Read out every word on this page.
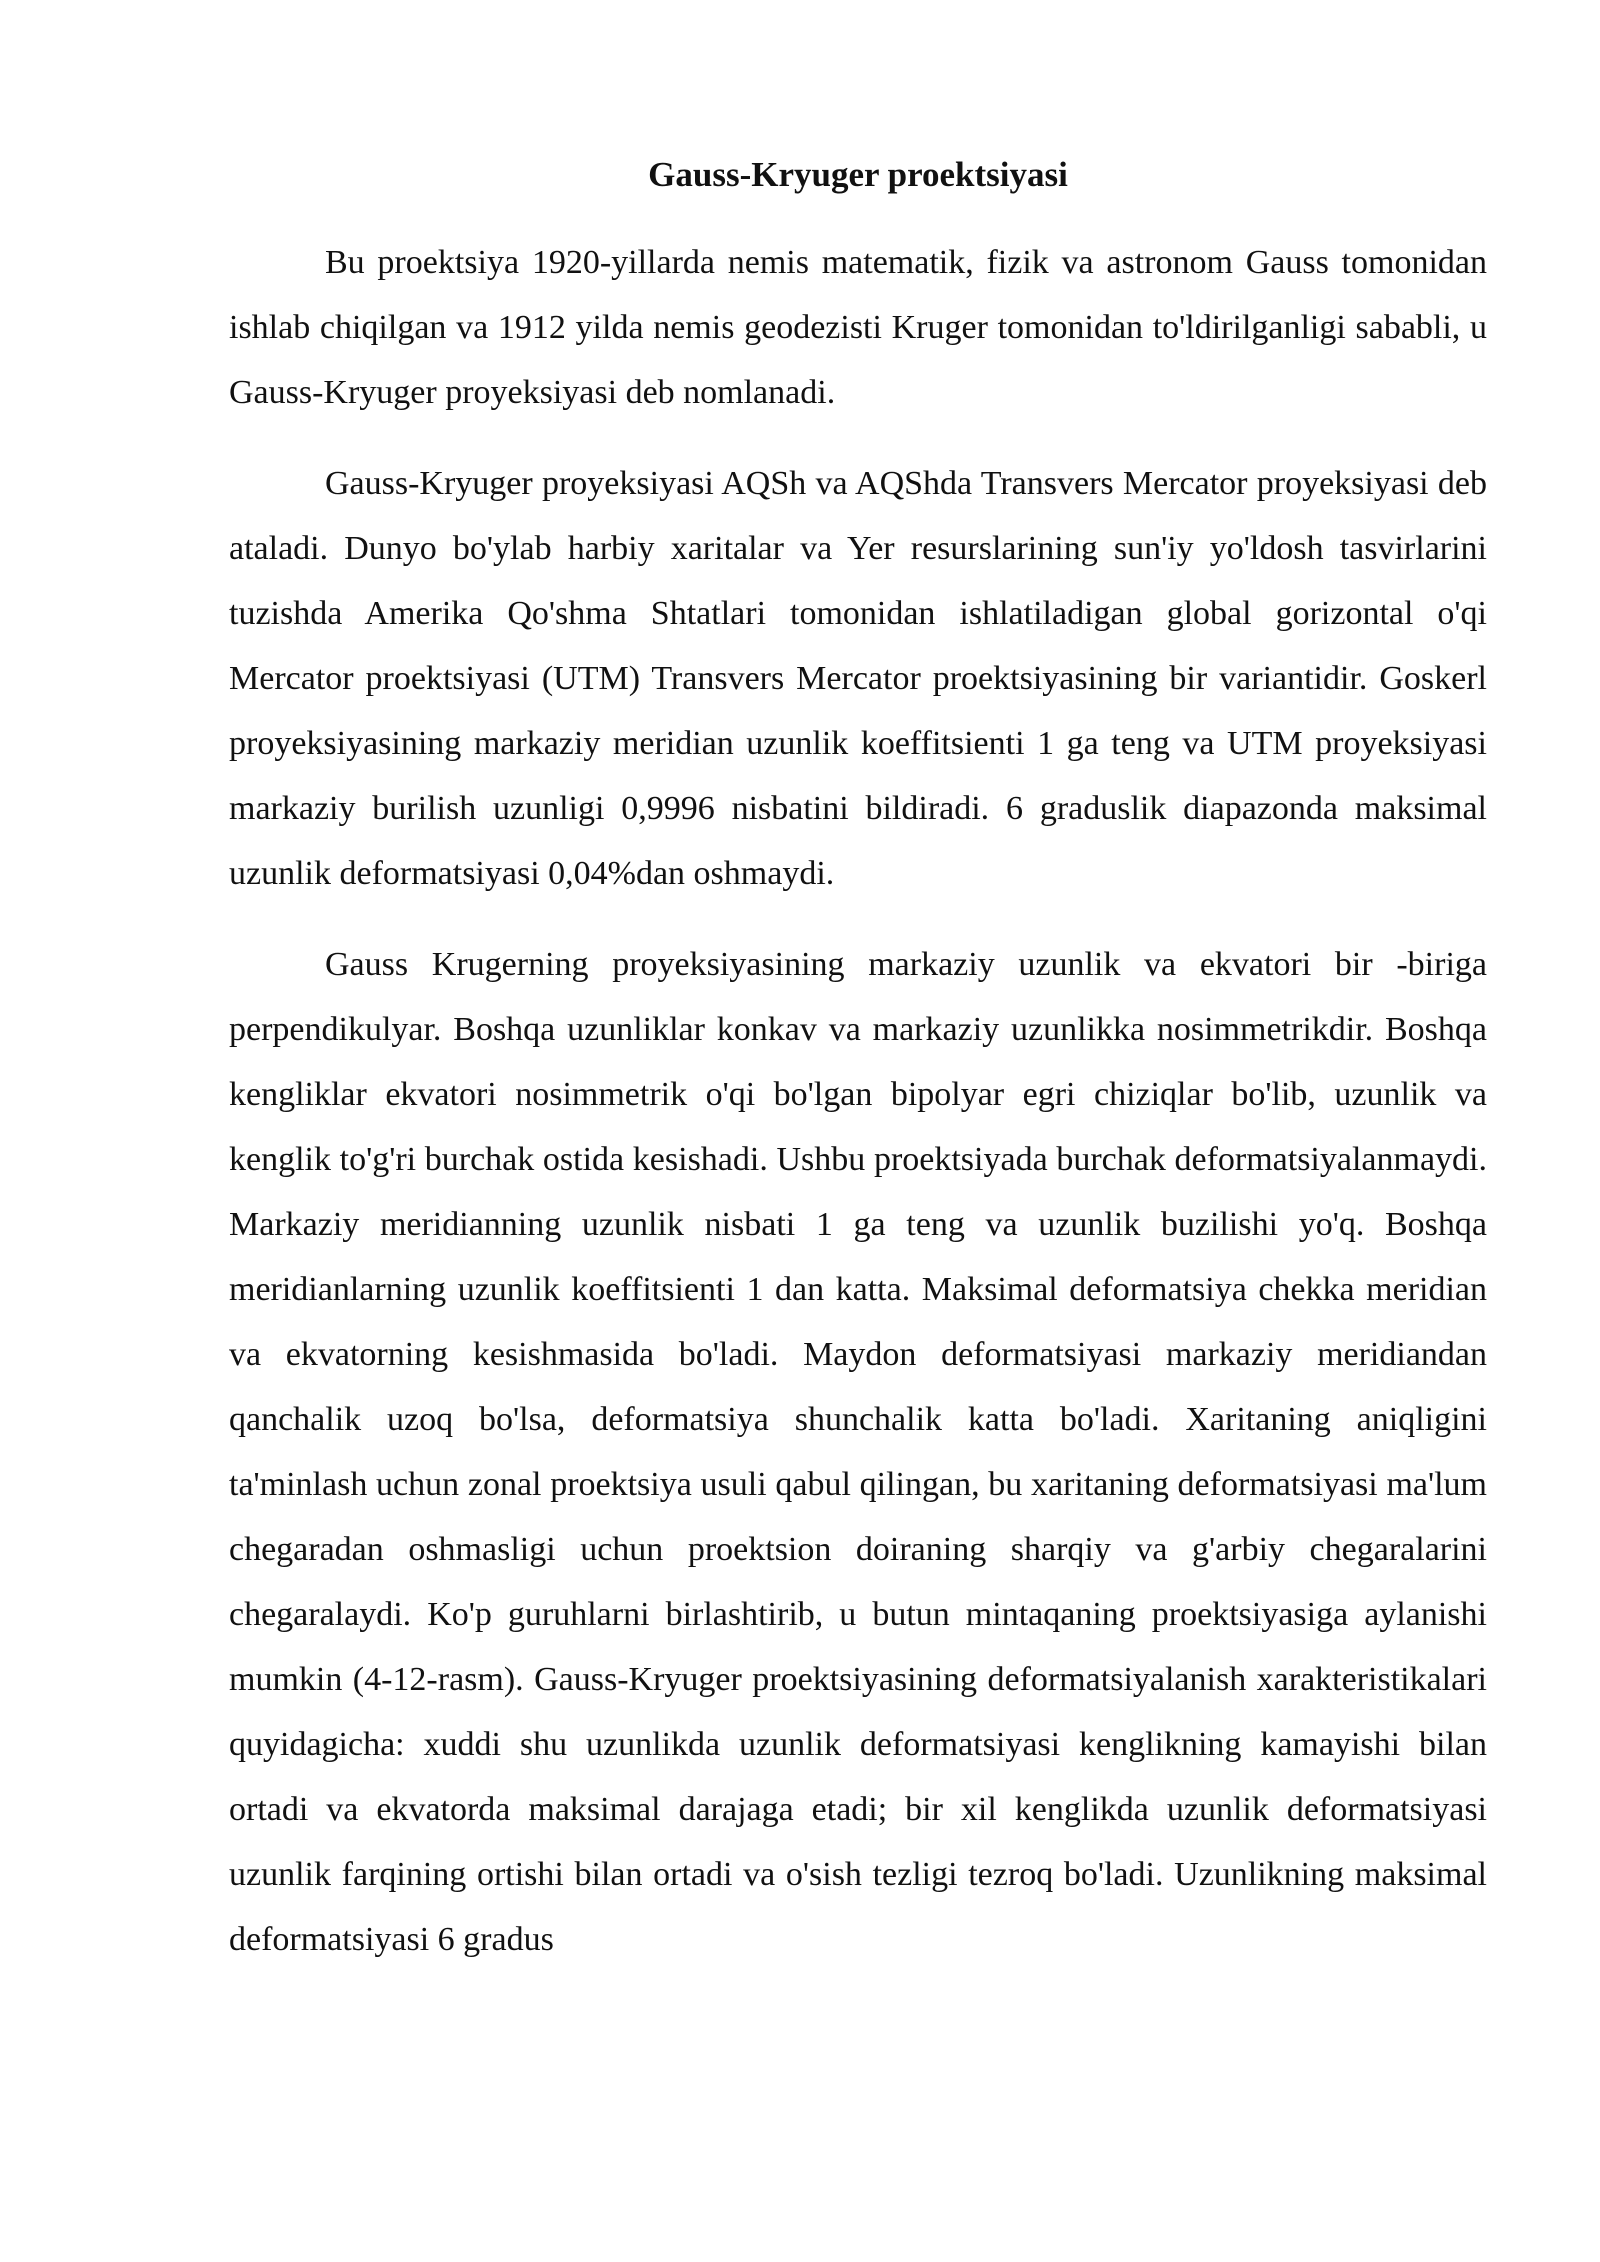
Gauss-Kryuger proektsiyasi

Bu proektsiya 1920-yillarda nemis matematik, fizik va astronom Gauss tomonidan ishlab chiqilgan va 1912 yilda nemis geodezisti Kruger tomonidan to'ldirilganligi sababli, u Gauss-Kryuger proyeksiyasi deb nomlanadi.

Gauss-Kryuger proyeksiyasi AQSh va AQShda Transvers Mercator proyeksiyasi deb ataladi. Dunyo bo'ylab harbiy xaritalar va Yer resurslarining sun'iy yo'ldosh tasvirlarini tuzishda Amerika Qo'shma Shtatlari tomonidan ishlatiladigan global gorizontal o'qi Mercator proektsiyasi (UTM) Transvers Mercator proektsiyasining bir variantidir. Goskerl proyeksiyasining markaziy meridian uzunlik koeffitsienti 1 ga teng va UTM proyeksiyasi markaziy burilish uzunligi 0,9996 nisbatini bildiradi. 6 graduslik diapazonda maksimal uzunlik deformatsiyasi 0,04%dan oshmaydi.

Gauss Krugerning proyeksiyasining markaziy uzunlik va ekvatori bir -biriga perpendikulyar. Boshqa uzunliklar konkav va markaziy uzunlikka nosimmetrikdir. Boshqa kengliklar ekvatori nosimmetrik o'qi bo'lgan bipolyar egri chiziqlar bo'lib, uzunlik va kenglik to'g'ri burchak ostida kesishadi. Ushbu proektsiyada burchak deformatsiyalanmaydi. Markaziy meridianning uzunlik nisbati 1 ga teng va uzunlik buzilishi yo'q. Boshqa meridianlarning uzunlik koeffitsienti 1 dan katta. Maksimal deformatsiya chekka meridian va ekvatorning kesishmasida bo'ladi. Maydon deformatsiyasi markaziy meridiandan qanchalik uzoq bo'lsa, deformatsiya shunchalik katta bo'ladi. Xaritaning aniqligini ta'minlash uchun zonal proektsiya usuli qabul qilingan, bu xaritaning deformatsiyasi ma'lum chegaradan oshmasligi uchun proektsion doiraning sharqiy va g'arbiy chegaralarini chegaralaydi. Ko'p guruhlarni birlashtirib, u butun mintaqaning proektsiyasiga aylanishi mumkin (4-12-rasm). Gauss-Kryuger proektsiyasining deformatsiyalanish xarakteristikalari quyidagicha: xuddi shu uzunlikda uzunlik deformatsiyasi kenglikning kamayishi bilan ortadi va ekvatorda maksimal darajaga etadi; bir xil kenglikda uzunlik deformatsiyasi uzunlik farqining ortishi bilan ortadi va o'sish tezligi tezroq bo'ladi. Uzunlikning maksimal deformatsiyasi 6 gradus
